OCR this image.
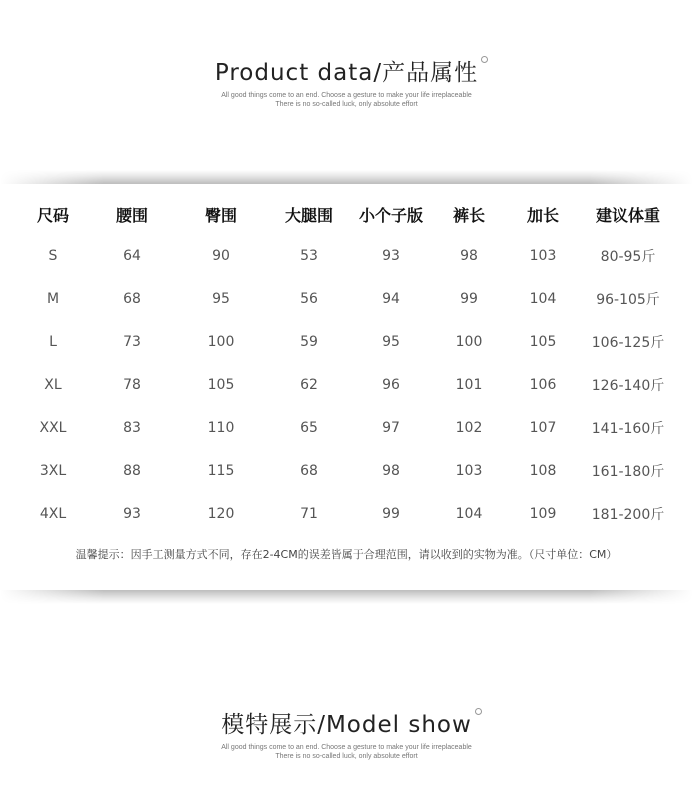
Product data/产品属性
All good things come to an end. Choose a gesture to make your life irreplaceable
There is no so-called luck, only absolute effort
尺码	腰围	臀围	大腿围	小个子版	裤长	加长	建议体重
S	64	90	53	93	98	103	80-95斤
M	68	95	56	94	99	104	96-105斤
L	73	100	59	95	100	105	106-125斤
XL	78	105	62	96	101	106	126-140斤
XXL	83	110	65	97	102	107	141-160斤
3XL	88	115	68	98	103	108	161-180斤
4XL	93	120	71	99	104	109	181-200斤
温馨提示：因手工测量方式不同，存在2-4CM的误差皆属于合理范围，请以收到的实物为准。（尺寸单位：CM）
模特展示/Model show
All good things come to an end. Choose a gesture to make your life irreplaceable
There is no so-called luck, only absolute effort
